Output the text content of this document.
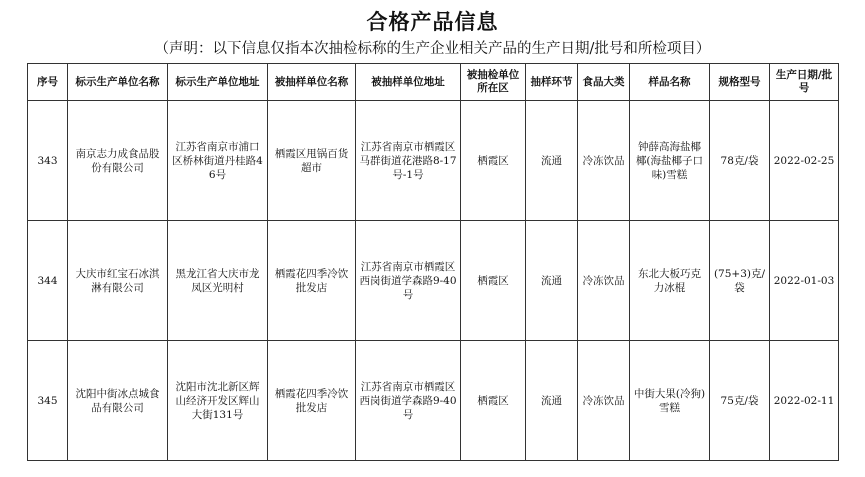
合格产品信息
（声明：以下信息仅指本次抽检标称的生产企业相关产品的生产日期/批号和所检项目）
序号	标示生产单位名称	标示生产单位地址	被抽样单位名称	被抽样单位地址	被抽检单位所在区	抽样环节	食品大类	样品名称	规格型号	生产日期/批号
343	南京志力成食品股份有限公司	江苏省南京市浦口区桥林街道丹桂路46号	栖霞区甩锅百货超市	江苏省南京市栖霞区马群街道花港路8-17号-1号	栖霞区	流通	冷冻饮品	钟薛高海盐椰椰(海盐椰子口味)雪糕	78克/袋	2022-02-25
344	大庆市红宝石冰淇淋有限公司	黑龙江省大庆市龙凤区光明村	栖霞花四季冷饮批发店	江苏省南京市栖霞区西岗街道学森路9-40号	栖霞区	流通	冷冻饮品	东北大板巧克力冰棍	(75+3)克/袋	2022-01-03
345	沈阳中街冰点城食品有限公司	沈阳市沈北新区辉山经济开发区辉山大街131号	栖霞花四季冷饮批发店	江苏省南京市栖霞区西岗街道学森路9-40号	栖霞区	流通	冷冻饮品	中街大果(冷狗)雪糕	75克/袋	2022-02-11
